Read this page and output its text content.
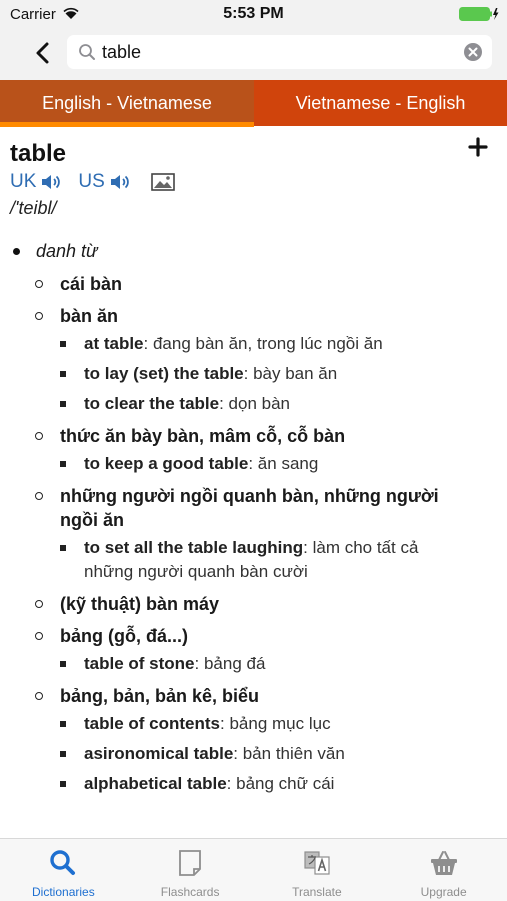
Carrier	5:53 PM
table
English - Vietnamese	Vietnamese - English
table
UK US
/'teibl/
danh từ
cái bàn
bàn ăn
at table: đang bàn ăn, trong lúc ngồi ăn
to lay (set) the table: bày ban ăn
to clear the table: dọn bàn
thức ăn bày bàn, mâm cỗ, cỗ bàn
to keep a good table: ăn sang
những người ngồi quanh bàn, những người ngồi ăn
to set all the table laughing: làm cho tất cả những người quanh bàn cười
(kỹ thuật) bàn máy
bảng (gỗ, đá...)
table of stone: bảng đá
bảng, bản, bản kê, biểu
table of contents: bảng mục lục
asironomical table: bản thiên văn
alphabetical table: bảng chữ cái
Dictionaries	Flashcards	Translate	Upgrade
